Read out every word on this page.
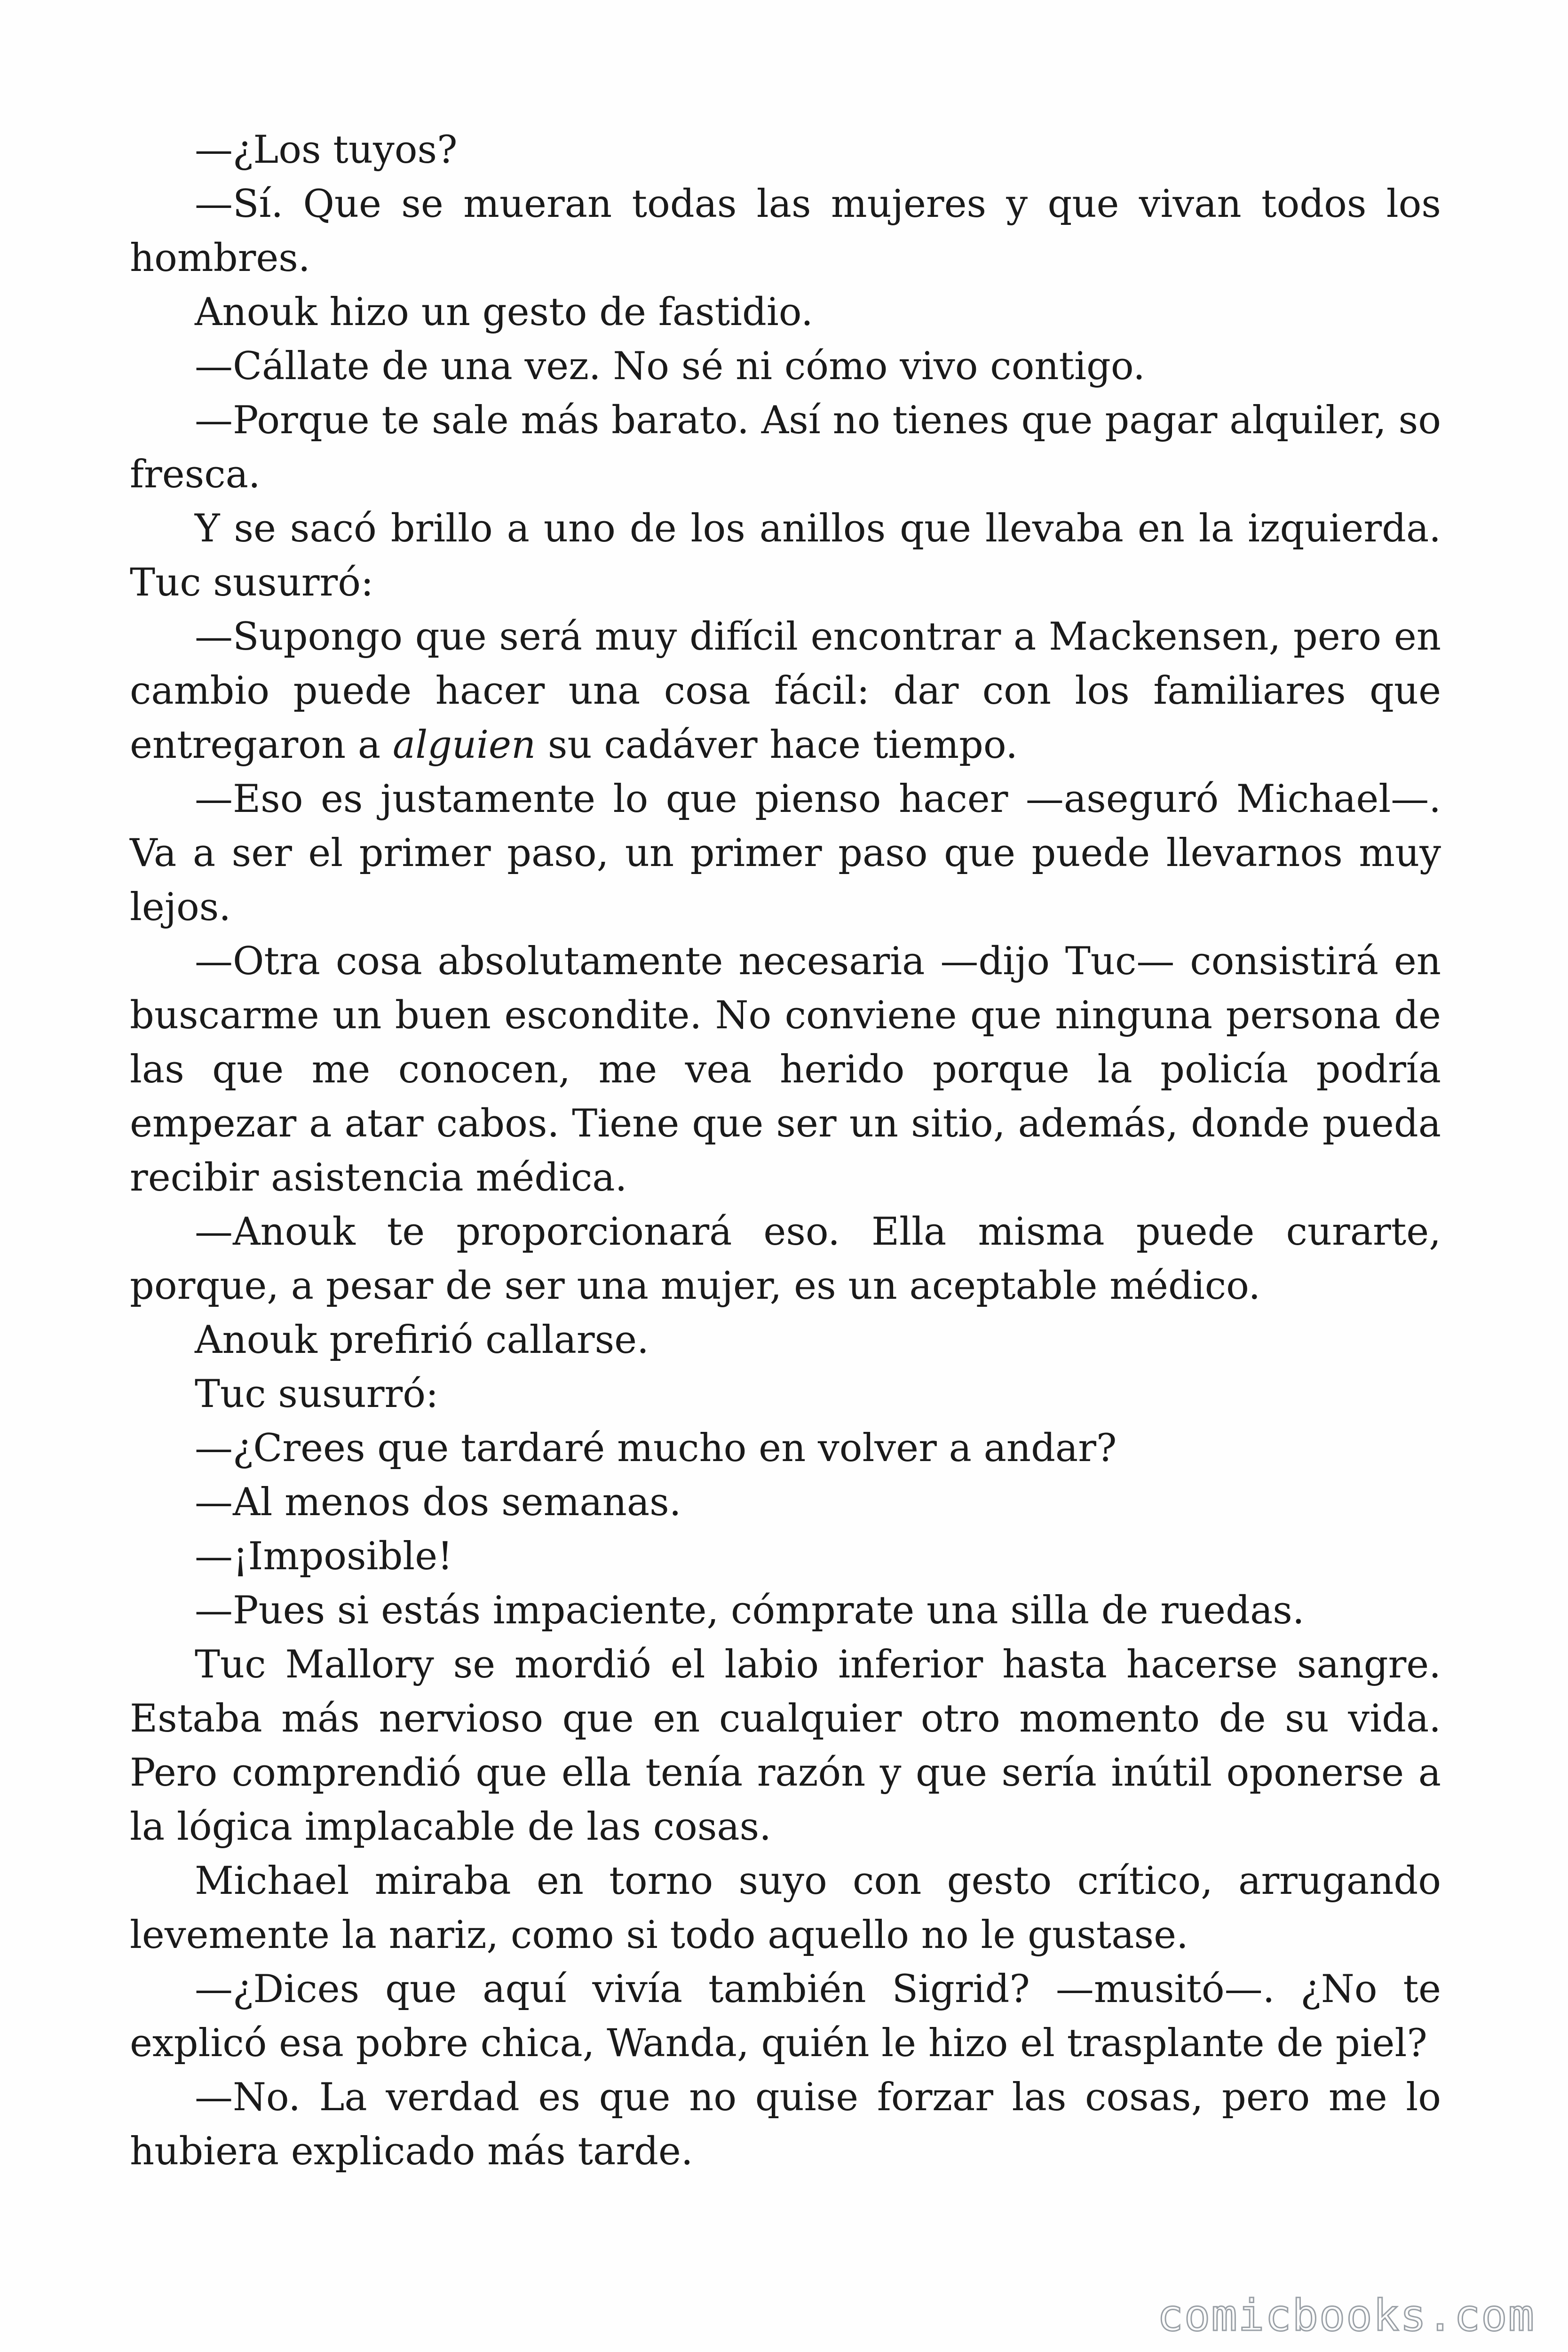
—¿Los tuyos?

—Sí. Que se mueran todas las mujeres y que vivan todos los hombres.

Anouk hizo un gesto de fastidio.

—Cállate de una vez. No sé ni cómo vivo contigo.

—Porque te sale más barato. Así no tienes que pagar alquiler, so fresca.

Y se sacó brillo a uno de los anillos que llevaba en la izquierda. Tuc susurró:

—Supongo que será muy difícil encontrar a Mackensen, pero en cambio puede hacer una cosa fácil: dar con los familiares que entregaron a alguien su cadáver hace tiempo.

—Eso es justamente lo que pienso hacer —aseguró Michael—. Va a ser el primer paso, un primer paso que puede llevarnos muy lejos.

—Otra cosa absolutamente necesaria —dijo Tuc— consistirá en buscarme un buen escondite. No conviene que ninguna persona de las que me conocen, me vea herido porque la policía podría empezar a atar cabos. Tiene que ser un sitio, además, donde pueda recibir asistencia médica.

—Anouk te proporcionará eso. Ella misma puede curarte, porque, a pesar de ser una mujer, es un aceptable médico.

Anouk prefirió callarse.

Tuc susurró:

—¿Crees que tardaré mucho en volver a andar?

—Al menos dos semanas.

—¡Imposible!

—Pues si estás impaciente, cómprate una silla de ruedas.

Tuc Mallory se mordió el labio inferior hasta hacerse sangre. Estaba más nervioso que en cualquier otro momento de su vida. Pero comprendió que ella tenía razón y que sería inútil oponerse a la lógica implacable de las cosas.

Michael miraba en torno suyo con gesto crítico, arrugando levemente la nariz, como si todo aquello no le gustase.

—¿Dices que aquí vivía también Sigrid? —musitó—. ¿No te explicó esa pobre chica, Wanda, quién le hizo el trasplante de piel?

—No. La verdad es que no quise forzar las cosas, pero me lo hubiera explicado más tarde.

comicbooks.com
